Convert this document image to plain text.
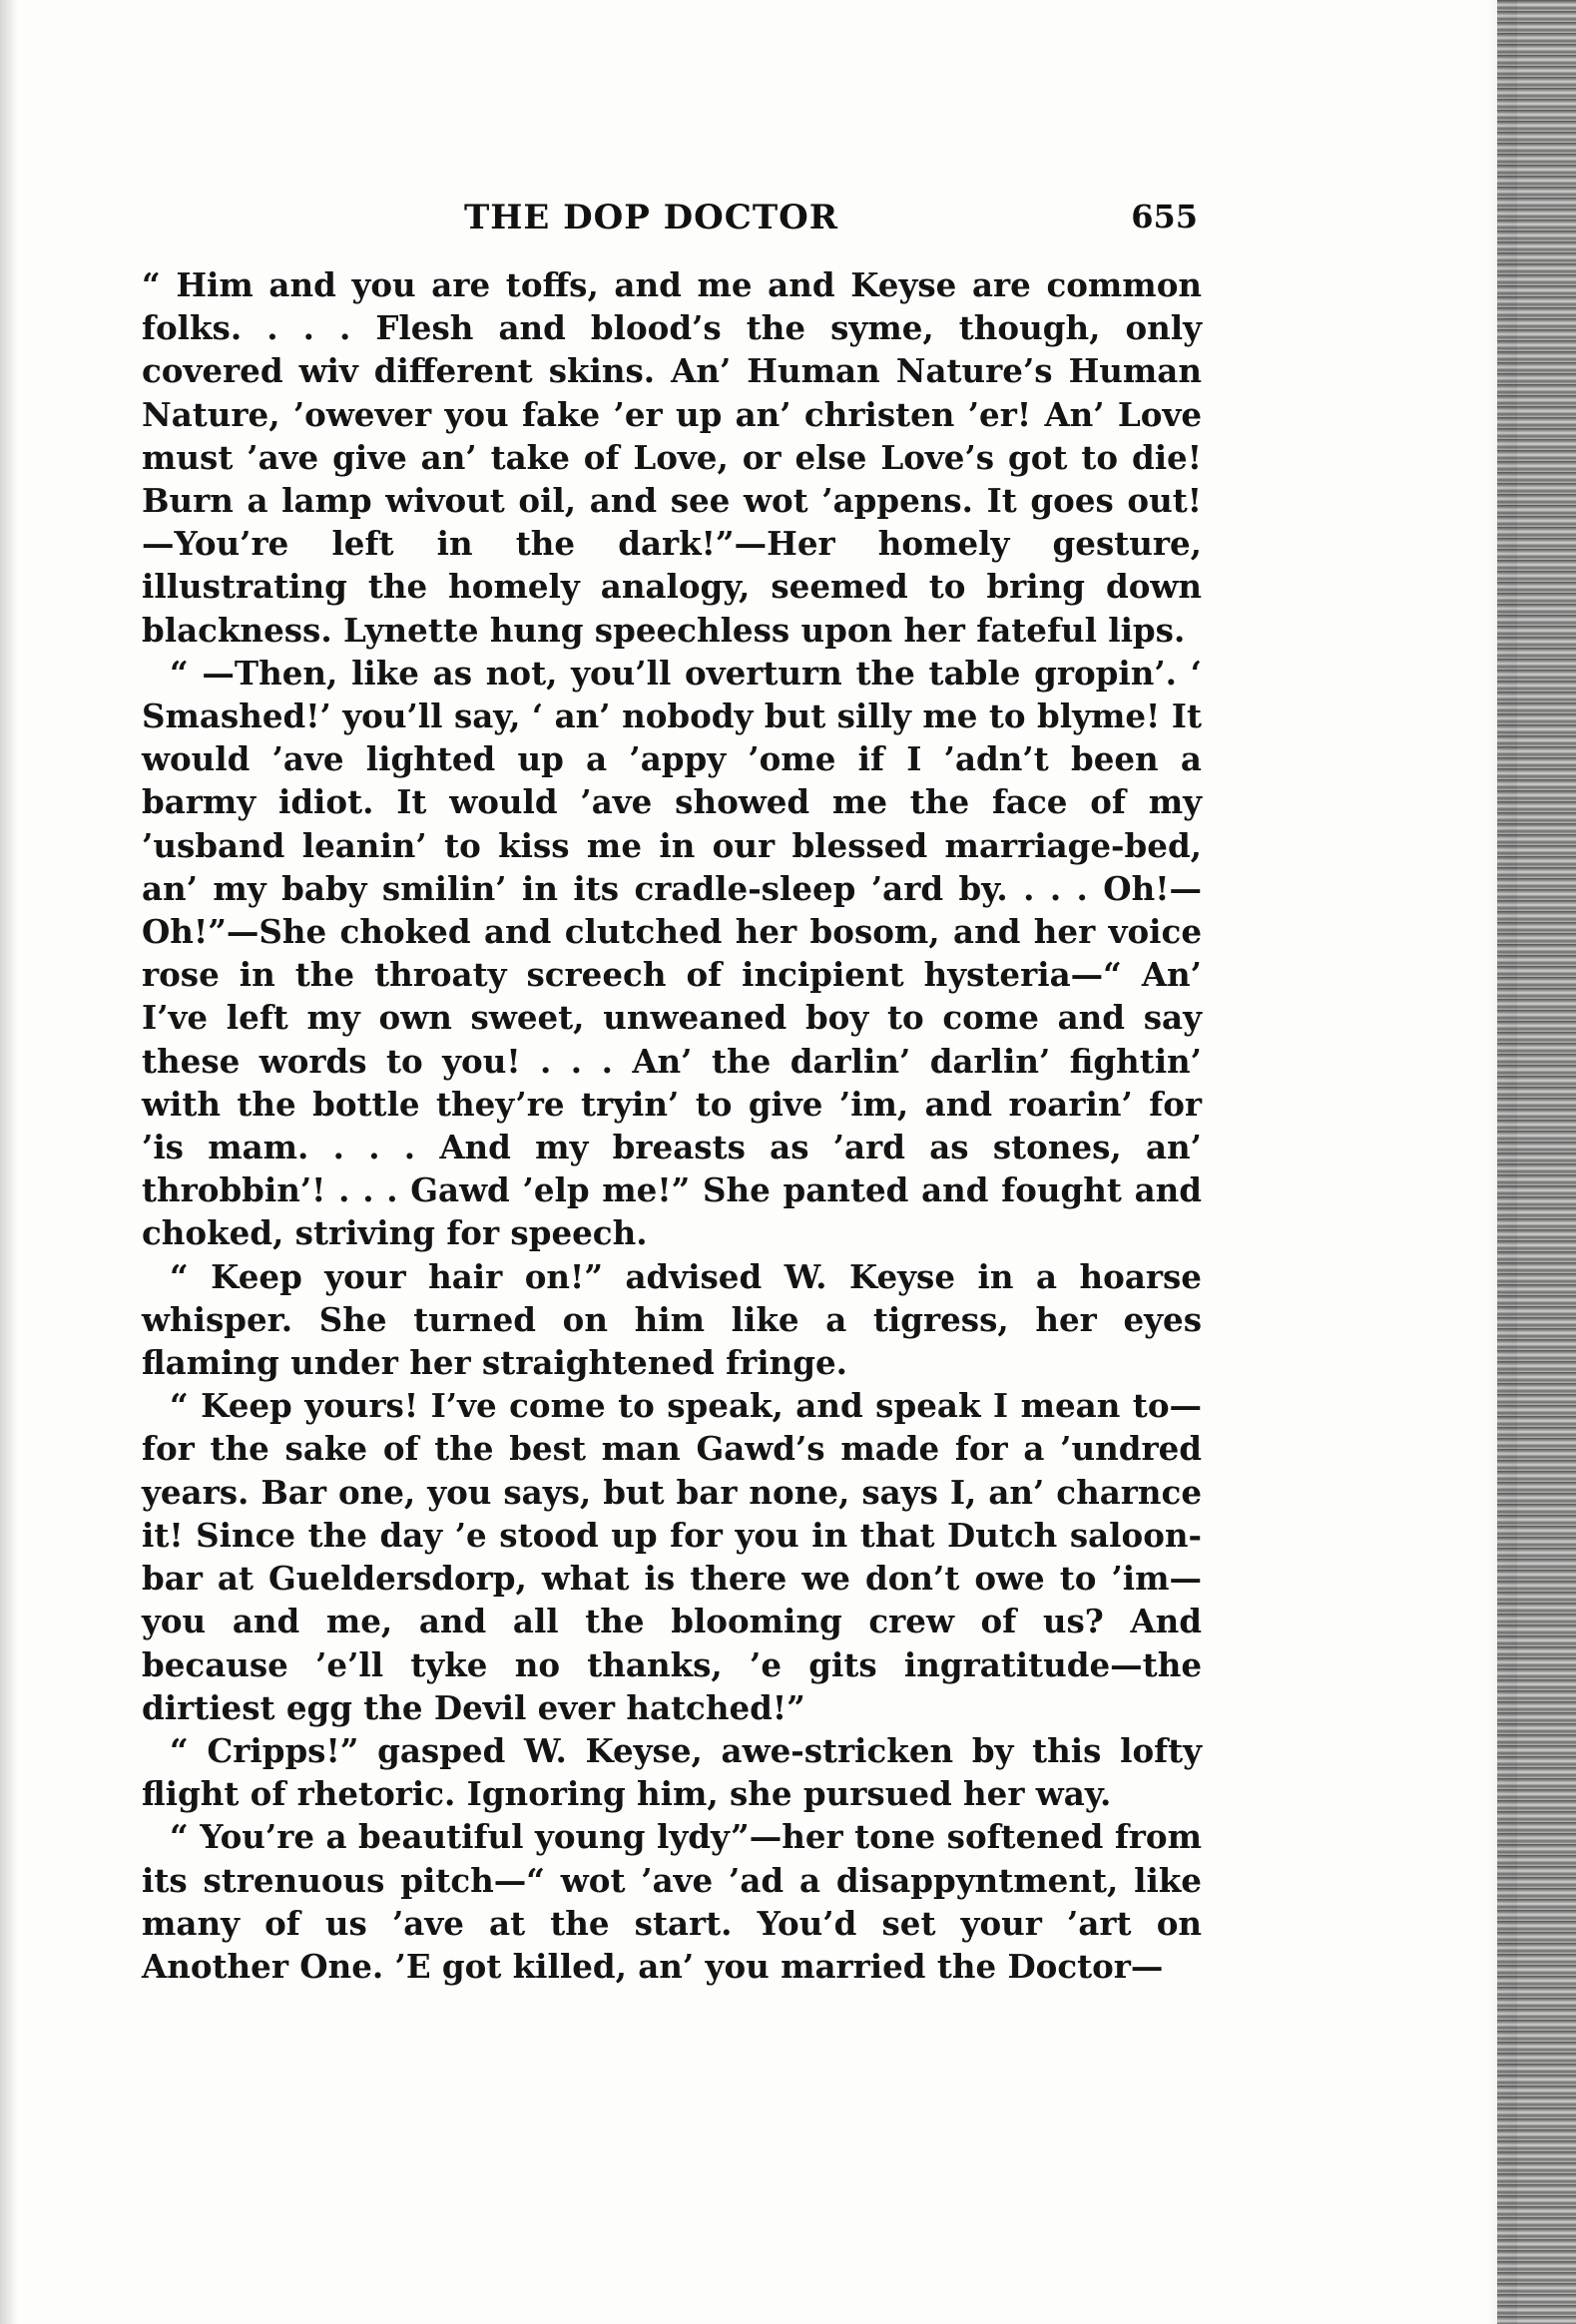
THE DOP DOCTOR	655

“ Him and you are toffs, and me and Keyse are common folks. . . . Flesh and blood’s the syme, though, only covered wiv different skins. An’ Human Nature’s Human Nature, ’owever you fake ’er up an’ christen ’er! An’ Love must ’ave give an’ take of Love, or else Love’s got to die! Burn a lamp wivout oil, and see wot ’appens. It goes out!—You’re left in the dark!”—Her homely gesture, illustrating the homely analogy, seemed to bring down blackness. Lynette hung speechless upon her fateful lips.

“ —Then, like as not, you’ll overturn the table gropin’. ‘ Smashed!’ you’ll say, ‘ an’ nobody but silly me to blyme! It would ’ave lighted up a ’appy ’ome if I ’adn’t been a barmy idiot. It would ’ave showed me the face of my ’usband leanin’ to kiss me in our blessed marriage-bed, an’ my baby smilin’ in its cradle-sleep ’ard by. . . . Oh!—Oh!”—She choked and clutched her bosom, and her voice rose in the throaty screech of incipient hysteria—“ An’ I’ve left my own sweet, unweaned boy to come and say these words to you! . . . An’ the darlin’ darlin’ fightin’ with the bottle they’re tryin’ to give ’im, and roarin’ for ’is mam. . . . And my breasts as ’ard as stones, an’ throbbin’! . . . Gawd ’elp me!” She panted and fought and choked, striving for speech.

“ Keep your hair on!” advised W. Keyse in a hoarse whisper. She turned on him like a tigress, her eyes flaming under her straightened fringe.

“ Keep yours! I’ve come to speak, and speak I mean to—for the sake of the best man Gawd’s made for a ’undred years. Bar one, you says, but bar none, says I, an’ charnce it! Since the day ’e stood up for you in that Dutch saloon-bar at Gueldersdorp, what is there we don’t owe to ’im—you and me, and all the blooming crew of us? And because ’e’ll tyke no thanks, ’e gits ingratitude—the dirtiest egg the Devil ever hatched!”

“ Cripps!” gasped W. Keyse, awe-stricken by this lofty flight of rhetoric. Ignoring him, she pursued her way.

“ You’re a beautiful young lydy”—her tone softened from its strenuous pitch—“ wot ’ave ’ad a disappyntment, like many of us ’ave at the start. You’d set your ’art on Another One. ’E got killed, an’ you married the Doctor—
